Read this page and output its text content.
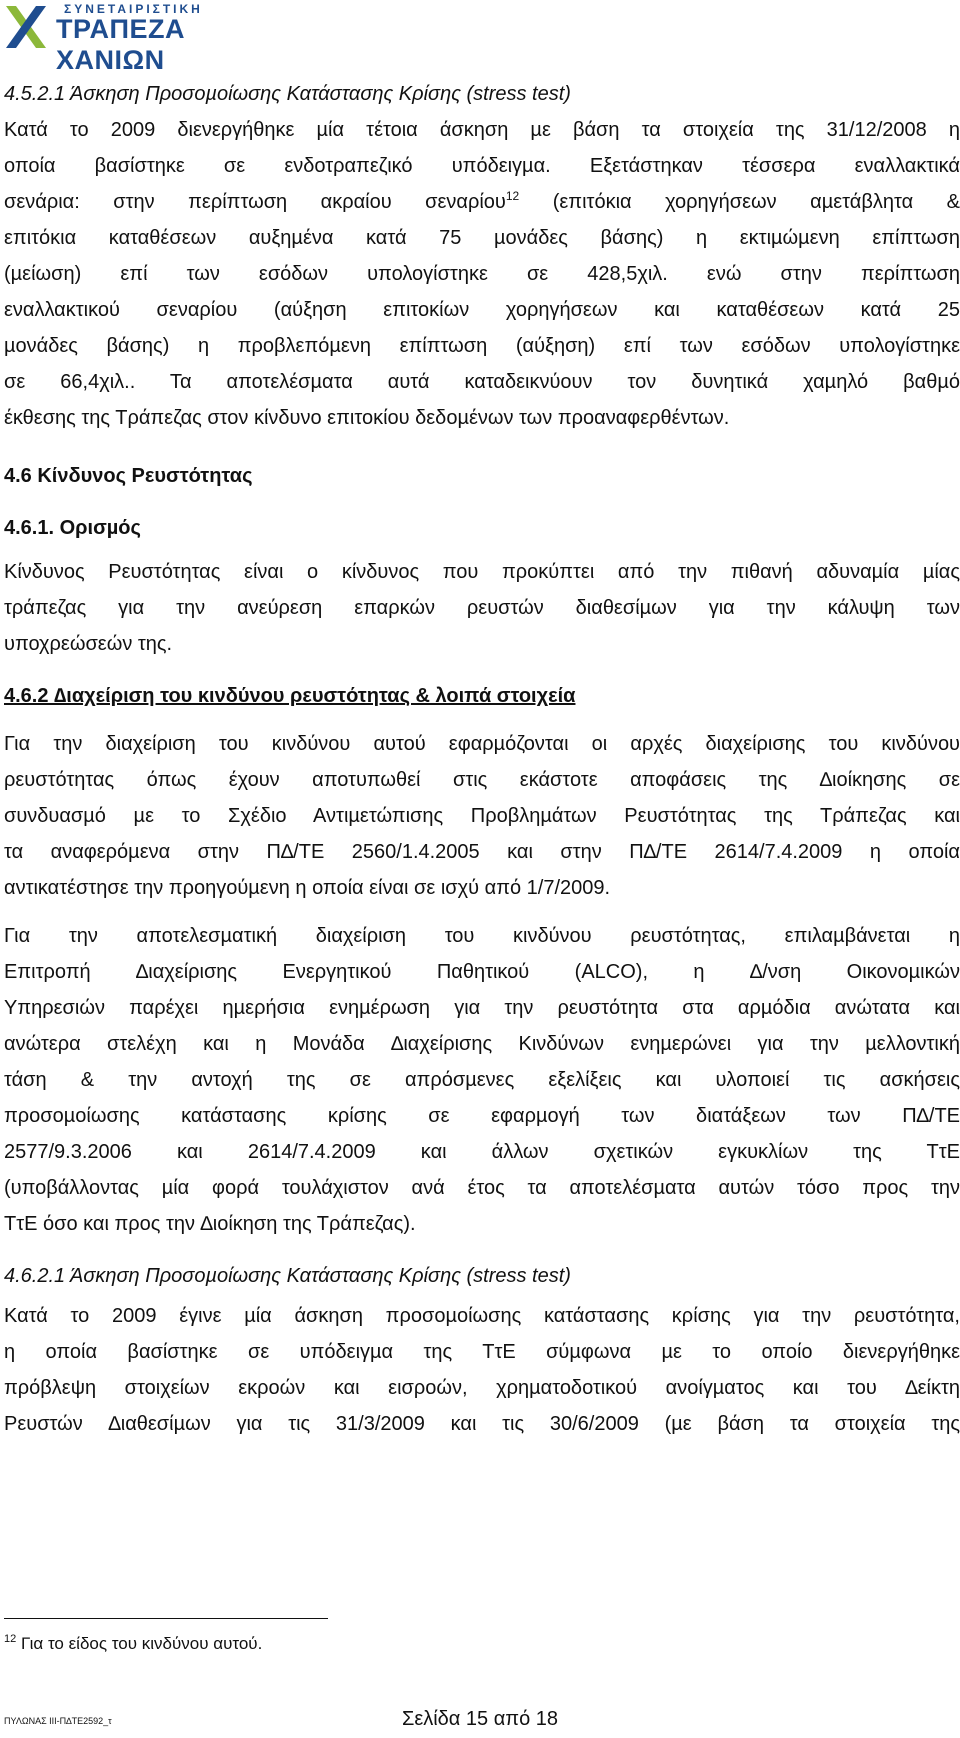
ΣΥΝΕΤΑΙΡΙΣΤΙΚΗ
ΤΡΑΠΕΖΑ ΧΑΝΙΩΝ
4.5.2.1 Άσκηση Προσοµοίωσης Κατάστασης Κρίσης (stress test)

Κατά το 2009 διενεργήθηκε µία τέτοια άσκηση µε βάση τα στοιχεία της 31/12/2008 η
οποία βασίστηκε σε ενδοτραπεζικό υπόδειγµα. Εξετάστηκαν τέσσερα εναλλακτικά
σενάρια: στην περίπτωση ακραίου σεναρίου$^{12}$ (επιτόκια χορηγήσεων αµετάβλητα &
επιτόκια καταθέσεων αυξηµένα κατά 75 µονάδες βάσης) η εκτιµώµενη επίπτωση
(µείωση) επί των εσόδων υπολογίστηκε σε 428,5χιλ. ενώ στην περίπτωση
εναλλακτικού σεναρίου (αύξηση επιτοκίων χορηγήσεων και καταθέσεων κατά 25
µονάδες βάσης) η προβλεπόµενη επίπτωση (αύξηση) επί των εσόδων υπολογίστηκε
σε 66,4χιλ.. Τα αποτελέσµατα αυτά καταδεικνύουν τον δυνητικά χαµηλό βαθµό
έκθεσης της Τράπεζας στον κίνδυνο επιτοκίου δεδοµένων των προαναφερθέντων.

4.6 Κίνδυνος Ρευστότητας
4.6.1. Ορισµός

Κίνδυνος Ρευστότητας είναι ο κίνδυνος που προκύπτει από την πιθανή αδυναµία µίας
τράπεζας για την ανεύρεση επαρκών ρευστών διαθεσίµων για την κάλυψη των
υποχρεώσεών της.

4.6.2 ∆ιαχείριση του κινδύνου ρευστότητας & λοιπά στοιχεία

Για την διαχείριση του κινδύνου αυτού εφαρµόζονται οι αρχές διαχείρισης του κινδύνου
ρευστότητας όπως έχουν αποτυπωθεί στις εκάστοτε αποφάσεις της ∆ιοίκησης σε
συνδυασµό µε το Σχέδιο Αντιµετώπισης Προβληµάτων Ρευστότητας της Τράπεζας και
τα αναφερόµενα στην Π∆/ΤΕ 2560/1.4.2005 και στην Π∆/ΤΕ 2614/7.4.2009 η οποία
αντικατέστησε την προηγούµενη η οποία είναι σε ισχύ από 1/7/2009.

Για την αποτελεσµατική διαχείριση του κινδύνου ρευστότητας, επιλαµβάνεται η
Επιτροπή ∆ιαχείρισης Ενεργητικού Παθητικού (ALCO), η ∆/νση Οικονοµικών
Υπηρεσιών παρέχει ηµερήσια ενηµέρωση για την ρευστότητα στα αρµόδια ανώτατα και
ανώτερα στελέχη και η Μονάδα ∆ιαχείρισης Κινδύνων ενηµερώνει για την µελλοντική
τάση & την αντοχή της σε απρόσµενες εξελίξεις και υλοποιεί τις ασκήσεις
προσοµοίωσης κατάστασης κρίσης σε εφαρµογή των διατάξεων των Π∆/ΤΕ
2577/9.3.2006 και 2614/7.4.2009 και άλλων σχετικών εγκυκλίων της ΤτΕ
(υποβάλλοντας µία φορά τουλάχιστον ανά έτος τα αποτελέσµατα αυτών τόσο προς την
ΤτΕ όσο και προς την ∆ιοίκηση της Τράπεζας).

4.6.2.1 Άσκηση Προσοµοίωσης Κατάστασης Κρίσης (stress test)

Κατά το 2009 έγινε µία άσκηση προσοµοίωσης κατάστασης κρίσης για την ρευστότητα,
η οποία βασίστηκε σε υπόδειγµα της ΤτΕ σύµφωνα µε το οποίο διενεργήθηκε
πρόβλεψη στοιχείων εκροών και εισροών, χρηµατοδοτικού ανοίγµατος και του ∆είκτη
Ρευστών ∆ιαθεσίµων για τις 31/3/2009 και τις 30/6/2009 (µε βάση τα στοιχεία της

$^{12}$ Για το είδος του κινδύνου αυτού.
ΠΥΛΩΝΑΣ ΙΙΙ-Π∆ΤΕ2592_τ	Σελίδα 15 από 18
